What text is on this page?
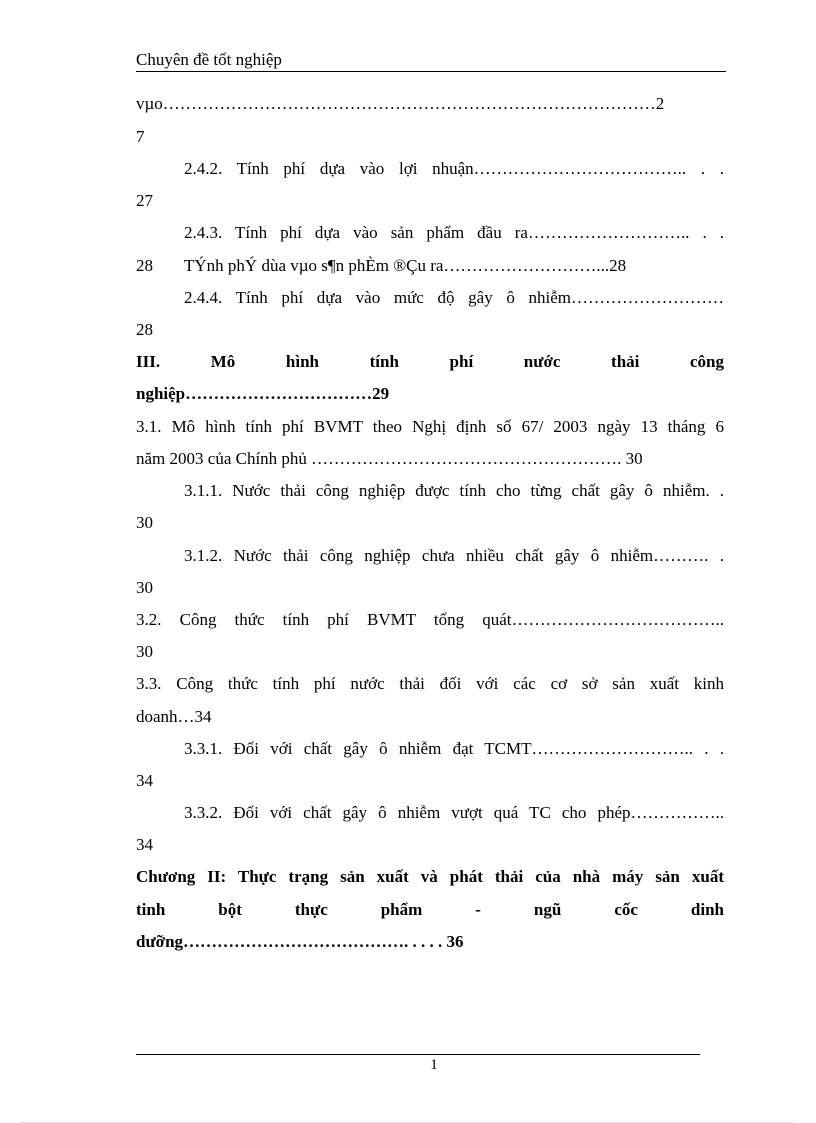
Chuyên đề tốt nghiệp
vµo……………………………………………………………………………2
7
2.4.2. Tính phí dựa vào lợi nhuận……………………………….. . .
27
2.4.3. Tính phí dựa vào sản phẩm đầu ra……………………….. . .
28	TÝnh phÝ dùa vµo s¶n phÈm ®Çu ra………………………...28
2.4.4. Tính phí dựa vào mức độ gây ô nhiễm………………………
28
III. Mô hình tính phí nước thải công
nghiệp……………………………29
3.1. Mô hình tính phí BVMT theo Nghị định số 67/ 2003 ngày 13 tháng 6
năm 2003 của Chính phủ ………………………………………………. 30
3.1.1. Nước thải công nghiệp được tính cho từng chất gây ô nhiễm. .
30
3.1.2. Nước thải công nghiệp chưa nhiều chất gây ô nhiễm………. .
30
3.2. Công thức tính phí BVMT tổng quát………………………………..
30
3.3. Công thức tính phí nước thải đối với các cơ sở sản xuất kinh
doanh…34
3.3.1. Đối với chất gây ô nhiễm đạt TCMT……………………….. . .
34
3.3.2. Đối với chất gây ô nhiễm vượt quá TC cho phép……………..
34
Chương II: Thực trạng sản xuất và phát thải của nhà máy sản xuất
tinh bột thực phẩm - ngũ cốc dinh
dưỡng…………………………………. . . . . 36
1
